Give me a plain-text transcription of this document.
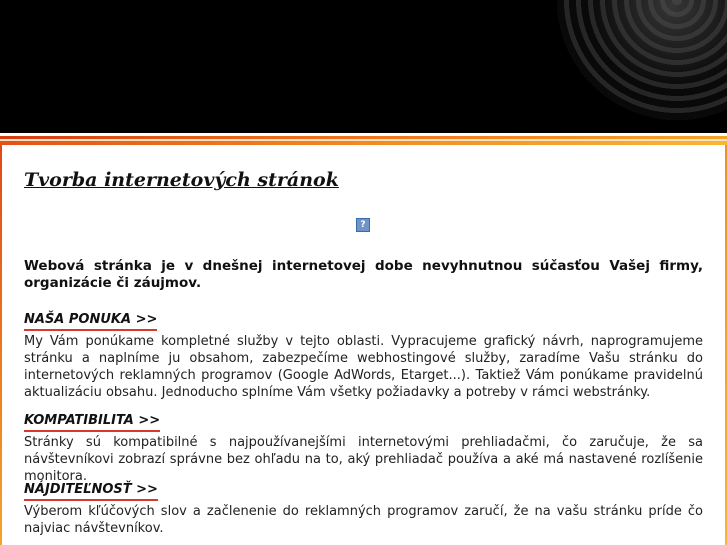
Tvorba internetových stránok
?

Webová stránka je v dnešnej internetovej dobe nevyhnutnou súčasťou Vašej firmy, organizácie či záujmov.

NAŠA PONUKA >>

My Vám ponúkame kompletné služby v tejto oblasti. Vypracujeme grafický návrh, naprogramujeme stránku a naplníme ju obsahom, zabezpečíme webhostingové služby, zaradíme Vašu stránku do internetových reklamných programov (Google AdWords, Etarget...). Taktiež Vám ponúkame pravidelnú aktualizáciu obsahu. Jednoducho splníme Vám všetky požiadavky a potreby v rámci webstránky.

KOMPATIBILITA >>

Stránky sú kompatibilné s najpoužívanejšími internetovými prehliadačmi, čo zaručuje, že sa návštevníkovi zobrazí správne bez ohľadu na to, aký prehliadač používa a aké má nastavené rozlíšenie monitora.

NÁJDITEĽNOSŤ >>

Výberom kľúčových slov a začlenenie do reklamných programov zaručí, že na vašu stránku príde čo najviac návštevníkov.
